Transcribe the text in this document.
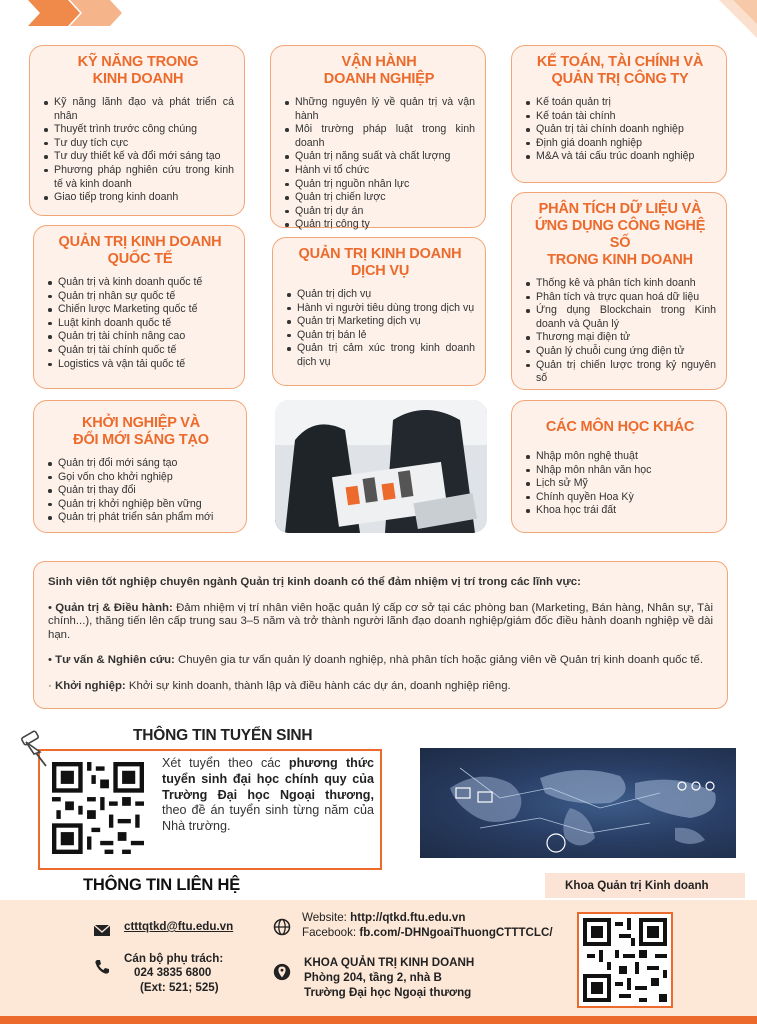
KỸ NĂNG TRONG
KINH DOANH
Kỹ năng lãnh đạo và phát triển cá nhân
Thuyết trình trước công chúng
Tư duy tích cực
Tư duy thiết kế và đổi mới sáng tạo
Phương pháp nghiên cứu trong kinh tế và kinh doanh
Giao tiếp trong kinh doanh
VẬN HÀNH
DOANH NGHIỆP
Những nguyên lý về quản trị và vận hành
Môi trường pháp luật trong kinh doanh
Quản trị năng suất và chất lượng
Hành vi tổ chức
Quản trị nguồn nhân lực
Quản trị chiến lược
Quản trị dự án
Quản trị công ty
KẾ TOÁN, TÀI CHÍNH VÀ
QUẢN TRỊ CÔNG TY
Kế toán quản trị
Kế toán tài chính
Quản trị tài chính doanh nghiệp
Định giá doanh nghiệp
M&A và tái cấu trúc doanh nghiệp
QUẢN TRỊ KINH DOANH
QUỐC TẾ
Quản trị và kinh doanh quốc tế
Quản trị nhân sự quốc tế
Chiến lược Marketing quốc tế
Luật kinh doanh quốc tế
Quản trị tài chính nâng cao
Quản trị tài chính quốc tế
Logistics và vận tải quốc tế
QUẢN TRỊ KINH DOANH
DỊCH VỤ
Quản trị dịch vụ
Hành vi người tiêu dùng trong dịch vụ
Quản trị Marketing dịch vụ
Quản trị bán lẻ
Quản trị cảm xúc trong kinh doanh dịch vụ
PHÂN TÍCH DỮ LIỆU VÀ
ỨNG DỤNG CÔNG NGHỆ SỐ
TRONG KINH DOANH
Thống kê và phân tích kinh doanh
Phân tích và trực quan hoá dữ liệu
Ứng dụng Blockchain trong Kinh doanh và Quản lý
Thương mại điện tử
Quản lý chuỗi cung ứng điện tử
Quản trị chiến lược trong kỷ nguyên số
KHỞI NGHIỆP VÀ
ĐỔI MỚI SÁNG TẠO
Quản trị đổi mới sáng tạo
Gọi vốn cho khởi nghiệp
Quản trị thay đổi
Quản trị khởi nghiệp bền vững
Quản trị phát triển sản phẩm mới
CÁC MÔN HỌC KHÁC
Nhập môn nghệ thuật
Nhập môn nhân văn học
Lịch sử Mỹ
Chính quyền Hoa Kỳ
Khoa học trái đất
Sinh viên tốt nghiệp chuyên ngành Quản trị kinh doanh có thể đảm nhiệm vị trí trong các lĩnh vực:

• Quản trị & Điều hành: Đảm nhiệm vị trí nhân viên hoặc quản lý cấp cơ sở tại các phòng ban (Marketing, Bán hàng, Nhân sự, Tài chính...), thăng tiến lên cấp trung sau 3–5 năm và trở thành người lãnh đạo doanh nghiệp/giám đốc điều hành doanh nghiệp về dài hạn.

• Tư vấn & Nghiên cứu: Chuyên gia tư vấn quản lý doanh nghiệp, nhà phân tích hoặc giảng viên về Quản trị kinh doanh quốc tế.

· Khởi nghiệp: Khởi sự kinh doanh, thành lập và điều hành các dự án, doanh nghiệp riêng.

THÔNG TIN TUYỂN SINH
Xét tuyển theo các phương thức tuyển sinh đại học chính quy của Trường Đại học Ngoại thương, theo đề án tuyển sinh từng năm của Nhà trường.
THÔNG TIN LIÊN HỆ	Khoa Quản trị Kinh doanh
ctttqtkd@ftu.edu.vn
Cán bộ phụ trách:
024 3835 6800
(Ext: 521; 525)
Website: http://qtkd.ftu.edu.vn
Facebook: fb.com/-DHNgoaiThuongCTTTCLC/
KHOA QUẢN TRỊ KINH DOANH
Phòng 204, tầng 2, nhà B
Trường Đại học Ngoại thương
